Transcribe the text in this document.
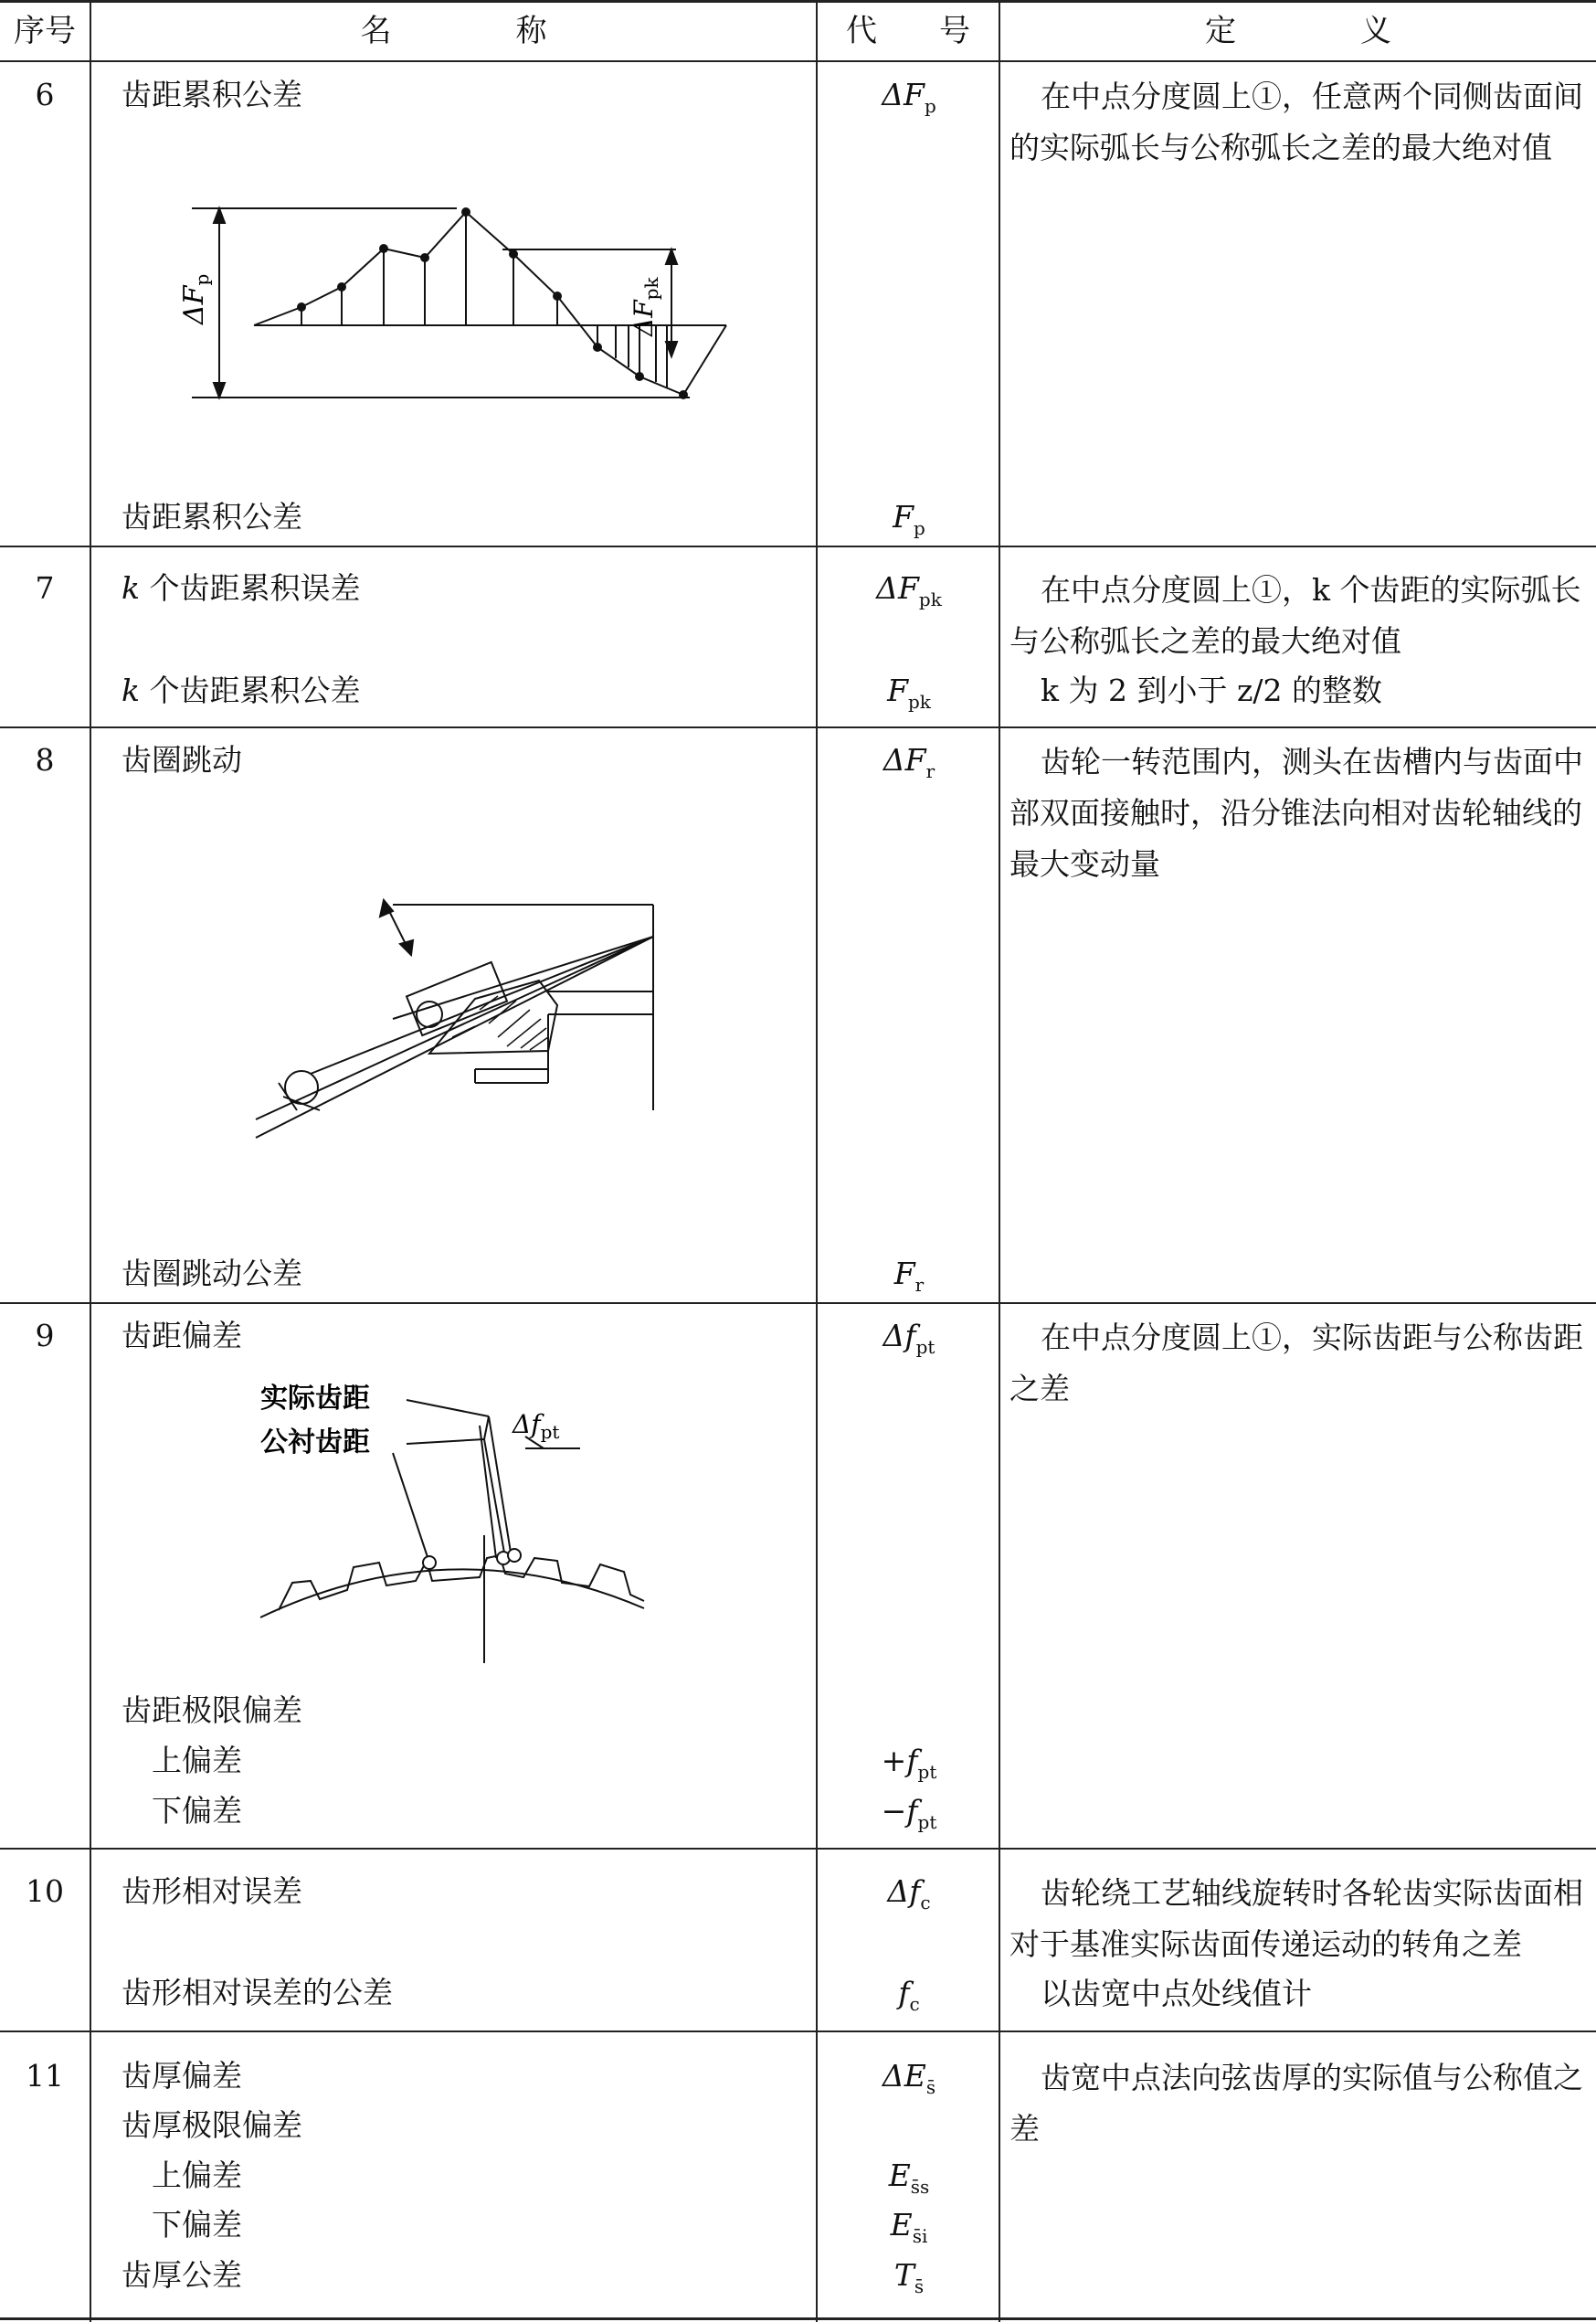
序号	名　　　　称	代　　号	定　　　　义
6	齿距累积公差	$\Delta F_p$	在中点分度圆上①，任意两个同侧齿面间的实际弧长与公称弧长之差的最大绝对值
$\Delta F_p$
$\Delta F_{pk}$
齿距累积公差	$F_p$
7	k 个齿距累积误差	$\Delta F_{pk}$	在中点分度圆上①，k 个齿距的实际弧长与公称弧长之差的最大绝对值
k 个齿距累积公差	$F_{pk}$	k 为 2 到小于 z/2 的整数
8	齿圈跳动	$\Delta F_r$	齿轮一转范围内，测头在齿槽内与齿面中部双面接触时，沿分锥法向相对齿轮轴线的最大变动量
齿圈跳动公差	$F_r$
9	齿距偏差	$\Delta f_{pt}$	在中点分度圆上①，实际齿距与公称齿距之差
实际齿距
公衬齿距
$\Delta f_{pt}$
齿距极限偏差
上偏差	$+f_{pt}$
下偏差	$-f_{pt}$
10	齿形相对误差	$\Delta f_c$	齿轮绕工艺轴线旋转时各轮齿实际齿面相对于基准实际齿面传递运动的转角之差
齿形相对误差的公差	$f_c$	以齿宽中点处线值计
11	齿厚偏差	$\Delta E_{s̄}$	齿宽中点法向弦齿厚的实际值与公称值之差
齿厚极限偏差
上偏差	$E_{s̄s}$
下偏差	$E_{s̄i}$
齿厚公差	$T_{s̄}$
